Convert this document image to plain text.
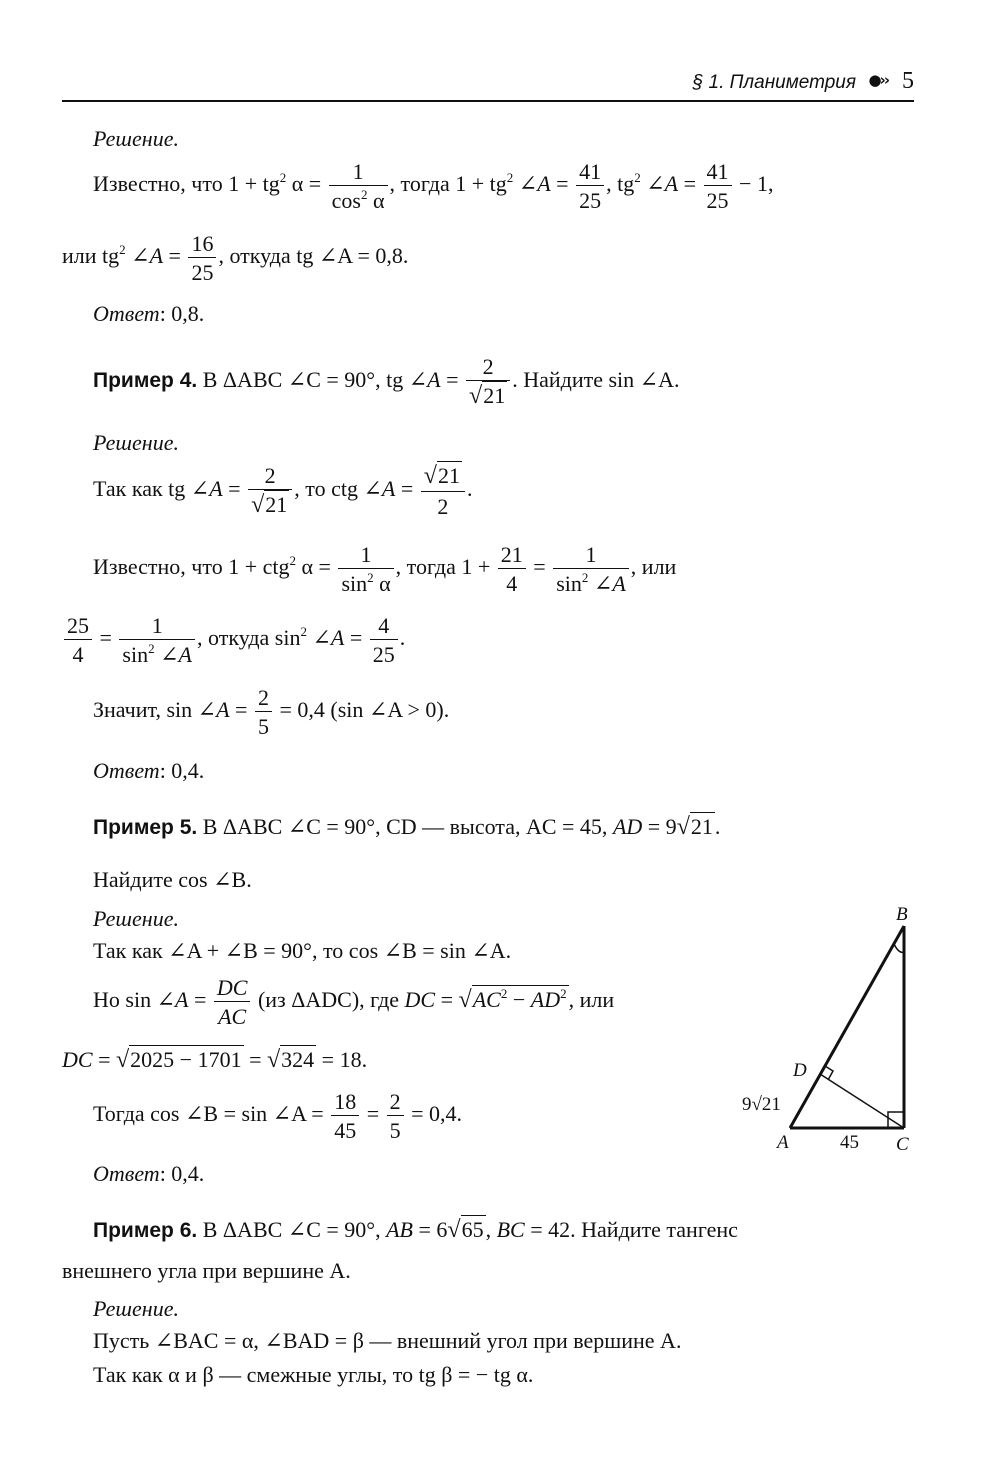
§ 1. Планиметрия ●›› 5
Решение.
Известно, что $1 + tg^2$ $\alpha = \frac{1}{\cos^2 \alpha}$ , тогда $1 + tg^2$ ∠A = $\frac{41}{25}$ , $tg^2$ ∠A = $\frac{41}{25} - 1$,
или $tg^2$ ∠A = $\frac{16}{25}$ , откуда tg ∠A = 0,8.
Ответ: 0,8.
Пример 4. В ΔABC ∠C = 90°, tg ∠A = $\frac{2}{√21}$ . Найдите sin ∠A.
Решение.
Так как tg ∠A = $\frac{2}{√21}$ , то ctg ∠A = $\frac{√21}{2}$ .
Известно, что 1 + ctg$^2$ $\alpha = \frac{1}{\sin^2 \alpha}$ , тогда $1 + \frac{21}{4} = \frac{1}{\sin^2 \angle A}$ , или
$\frac{25}{4} = \frac{1}{\sin^2 \angle A}$ , откуда $\sin^2$ ∠A = $\frac{4}{25}$ .
Значит, sin ∠A = $\frac{2}{5} = 0,4$ (sin ∠A > 0).
Ответ: 0,4.
Пример 5. В ΔABC ∠C = 90°, CD — высота, AC = 45, AD = 9√21.
Найдите cos ∠B.
Решение.
Так как ∠A + ∠B = 90°, то cos ∠B = sin ∠A.
Но sin ∠A = $\frac{DC}{AC} (из$ ΔADC), где DC = $√AC^2 - AD^2$, или
DC = √2025 − 1701 = √324 = 18.
Тогда cos ∠B = sin ∠A = $\frac{18}{45} = \frac{2}{5} = 0,4$.
Ответ: 0,4.
B
D
A	C
45
9√21
Пример 6. В ΔABC ∠C = 90°, AB = 6√65, BC = 42. Найдите тангенс
внешнего угла при вершине A.
Решение.
Пусть ∠BAC = α, ∠BAD = β — внешний угол при вершине A.
Так как α и β — смежные углы, то tg β = − tg α.
